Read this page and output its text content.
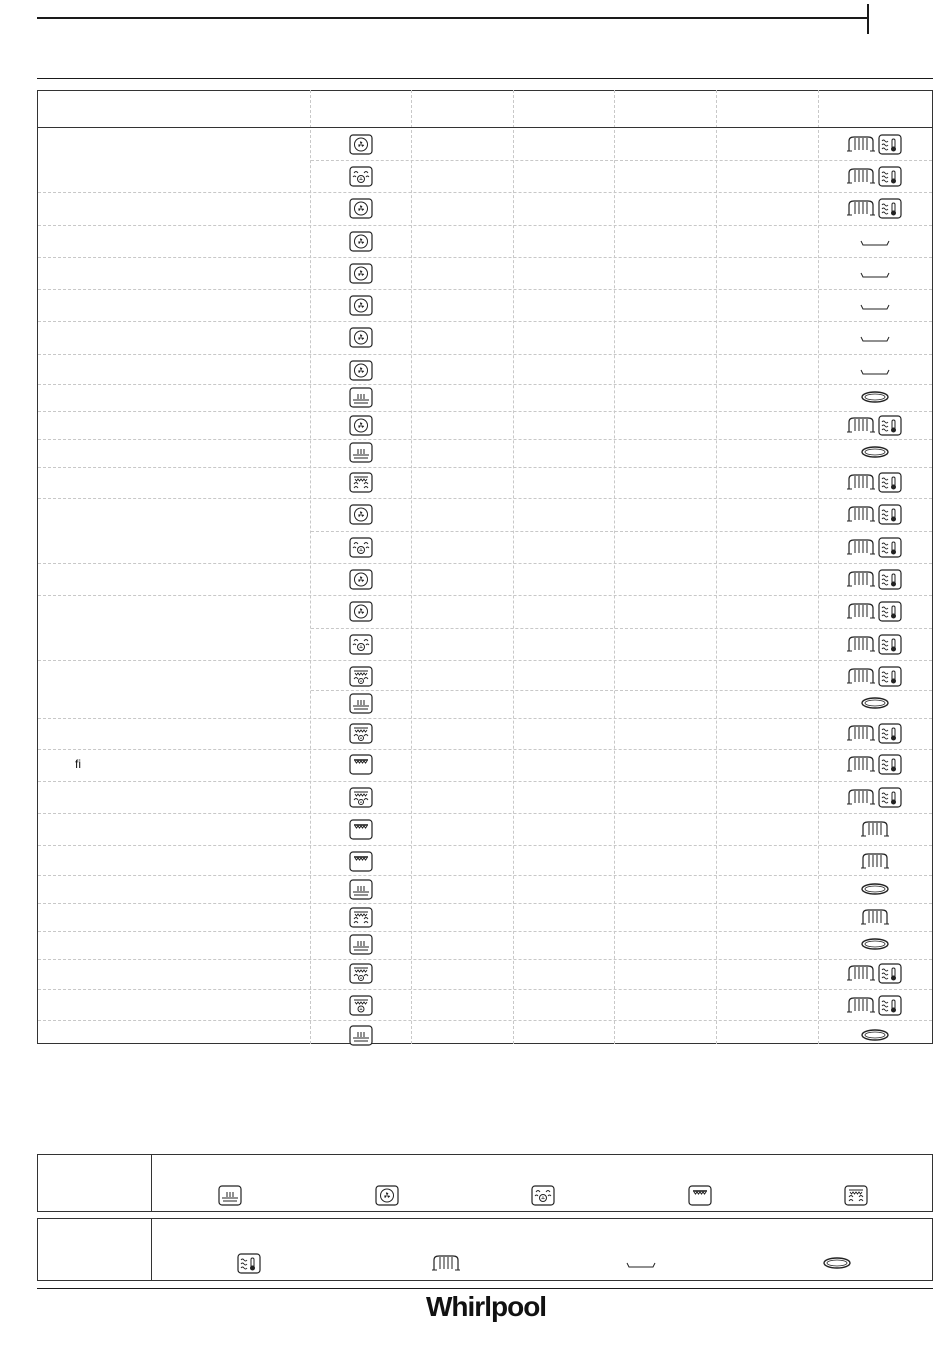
fi
Whirlpool
